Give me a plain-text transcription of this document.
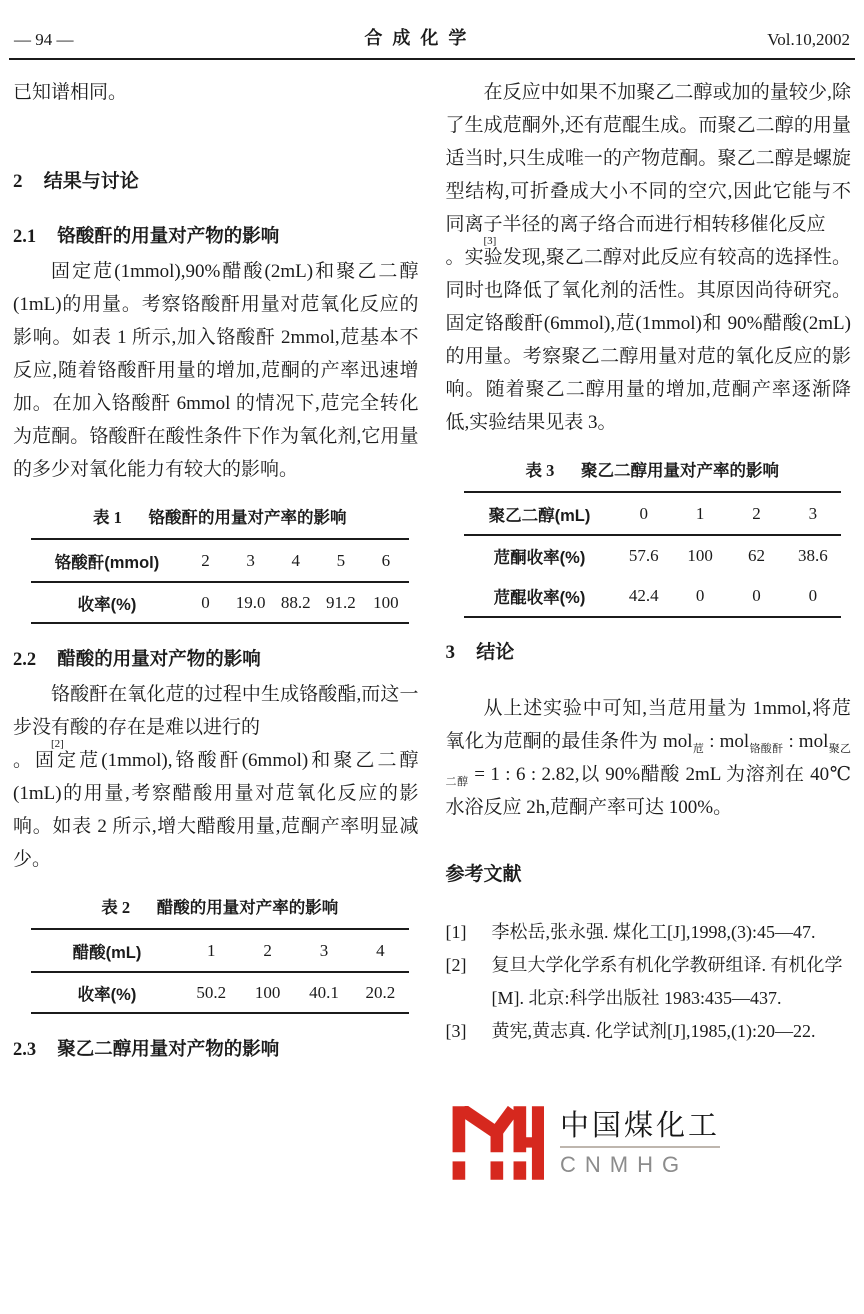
— 94 —	合成化学	Vol.10,2002

已知谱相同。

2 结果与讨论
2.1 铬酸酐的用量对产物的影响

固定苊(1mmol),90%醋酸(2mL)和聚乙二醇(1mL)的用量。考察铬酸酐用量对苊氧化反应的影响。如表 1 所示,加入铬酸酐 2mmol,苊基本不反应,随着铬酸酐用量的增加,苊酮的产率迅速增加。在加入铬酸酐 6mmol 的情况下,苊完全转化为苊酮。铬酸酐在酸性条件下作为氧化剂,它用量的多少对氧化能力有较大的影响。

表 1 铬酸酐的用量对产率的影响
铬酸酐(mmol)	2	3	4	5	6
收率(%)	0	19.0 88.2 91.2	100
2.2 醋酸的用量对产物的影响

铬酸酐在氧化苊的过程中生成铬酸酯,而这一步没有酸的存在是难以进行的
[2]
。固定苊(1mmol),铬酸酐(6mmol)和聚乙二醇(1mL)的用量,考察醋酸用量对苊氧化反应的影响。如表 2 所示,增大醋酸用量,苊酮产率明显减少。

表 2 醋酸的用量对产率的影响
醋酸(mL)	1	2	3	4
收率(%)	50.2	100	40.1	20.2
2.3 聚乙二醇用量对产物的影响

在反应中如果不加聚乙二醇或加的量较少,除了生成苊酮外,还有苊醌生成。而聚乙二醇的用量适当时,只生成唯一的产物苊酮。聚乙二醇是螺旋型结构,可折叠成大小不同的空穴,因此它能与不同离子半径的离子络合而进行相转移催化反应
[3]
。实验发现,聚乙二醇对此反应有较高的选择性。同时也降低了氧化剂的活性。其原因尚待研究。固定铬酸酐(6mmol),苊(1mmol)和 90%醋酸(2mL)的用量。考察聚乙二醇用量对苊的氧化反应的影响。随着聚乙二醇用量的增加,苊酮产率逐渐降低,实验结果见表 3。

表 3 聚乙二醇用量对产率的影响
聚乙二醇(mL)	0	1	2	3
苊酮收率(%)	57.6	100	62	38.6
苊醌收率(%)	42.4	0	0	0
3 结论

从上述实验中可知,当苊用量为 1mmol,将苊氧化为苊酮的最佳条件为 mol$_苊$ : mol$_{铬酸酐}$ : mol$_{聚乙二醇}$ = 1 : 6 : 2.82,以 90%醋酸 2mL 为溶剂在 40℃水浴反应 2h,苊酮产率可达 100%。

参考文献
[1]	李松岳,张永强. 煤化工[J],1998,(3):45—47.
[2]	复旦大学化学系有机化学教研组译. 有机化学[M]. 北京:科学出版社 1983:435—437.
[3]	黄宪,黄志真. 化学试剂[J],1985,(1):20—22.
中国煤化工
CNMHG
